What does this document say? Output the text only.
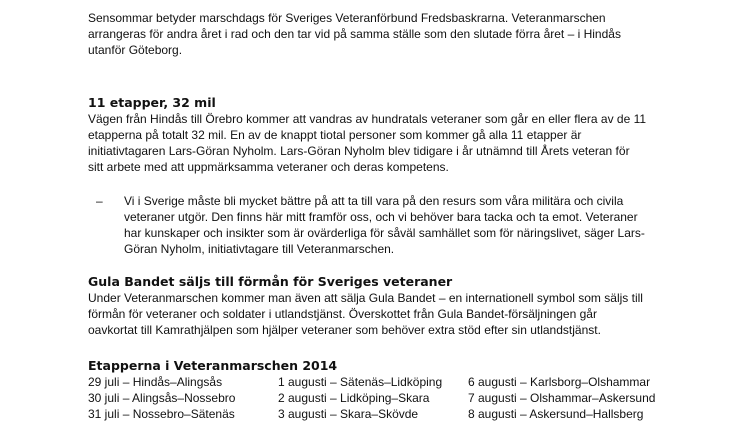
Sensommar betyder marschdags för Sveriges Veteranförbund Fredsbaskrarna. Veteranmarschen arrangeras för andra året i rad och den tar vid på samma ställe som den slutade förra året – i Hindås utanför Göteborg.

11 etapper, 32 mil

Vägen från Hindås till Örebro kommer att vandras av hundratals veteraner som går en eller flera av de 11 etapperna på totalt 32 mil. En av de knappt tiotal personer som kommer gå alla 11 etapper är initiativtagaren Lars-Göran Nyholm. Lars-Göran Nyholm blev tidigare i år utnämnd till Årets veteran för sitt arbete med att uppmärksamma veteraner och deras kompetens.

– Vi i Sverige måste bli mycket bättre på att ta till vara på den resurs som våra militära och civila veteraner utgör. Den finns här mitt framför oss, och vi behöver bara tacka och ta emot. Veteraner har kunskaper och insikter som är ovärderliga för såväl samhället som för näringslivet, säger Lars-Göran Nyholm, initiativtagare till Veteranmarschen.

Gula Bandet säljs till förmån för Sveriges veteraner

Under Veteranmarschen kommer man även att sälja Gula Bandet – en internationell symbol som säljs till förmån för veteraner och soldater i utlandstjänst. Överskottet från Gula Bandet-försäljningen går oavkortat till Kamrathjälpen som hjälper veteraner som behöver extra stöd efter sin utlandstjänst.

Etapperna i Veteranmarschen 2014
29 juli – Hindås–Alingsås
30 juli – Alingsås–Nossebro
31 juli – Nossebro–Sätenäs
1 augusti – Sätenäs–Lidköping
2 augusti – Lidköping–Skara
3 augusti – Skara–Skövde
6 augusti – Karlsborg–Olshammar
7 augusti – Olshammar–Askersund
8 augusti – Askersund–Hallsberg
